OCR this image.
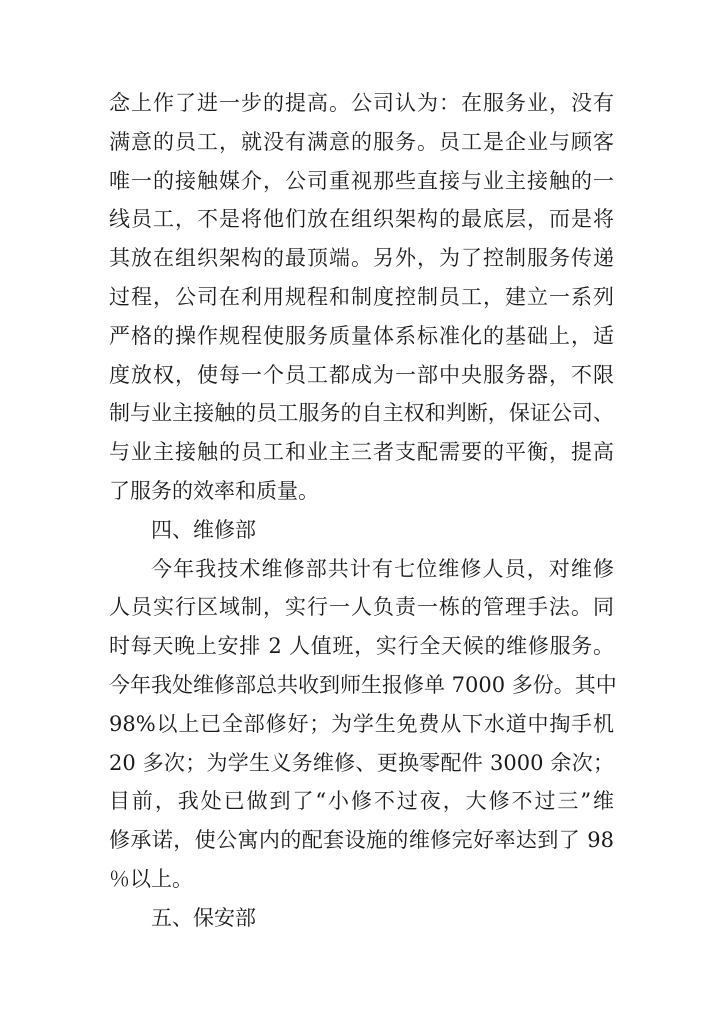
念上作了进一步的提高。公司认为：在服务业，没有
满意的员工，就没有满意的服务。员工是企业与顾客
唯一的接触媒介，公司重视那些直接与业主接触的一
线员工，不是将他们放在组织架构的最底层，而是将
其放在组织架构的最顶端。另外，为了控制服务传递
过程，公司在利用规程和制度控制员工，建立一系列
严格的操作规程使服务质量体系标准化的基础上，适
度放权，使每一个员工都成为一部中央服务器，不限
制与业主接触的员工服务的自主权和判断，保证公司、
与业主接触的员工和业主三者支配需要的平衡，提高
了服务的效率和质量。
四、维修部
今年我技术维修部共计有七位维修人员，对维修
人员实行区域制，实行一人负责一栋的管理手法。同
时每天晚上安排 2 人值班，实行全天候的维修服务。
今年我处维修部总共收到师生报修单 7000 多份。其中
98%以上已全部修好；为学生免费从下水道中掏手机
20 多次；为学生义务维修、更换零配件 3000 余次；
目前，我处已做到了“小修不过夜，大修不过三”维
修承诺，使公寓内的配套设施的维修完好率达到了 98
％以上。
五、保安部
